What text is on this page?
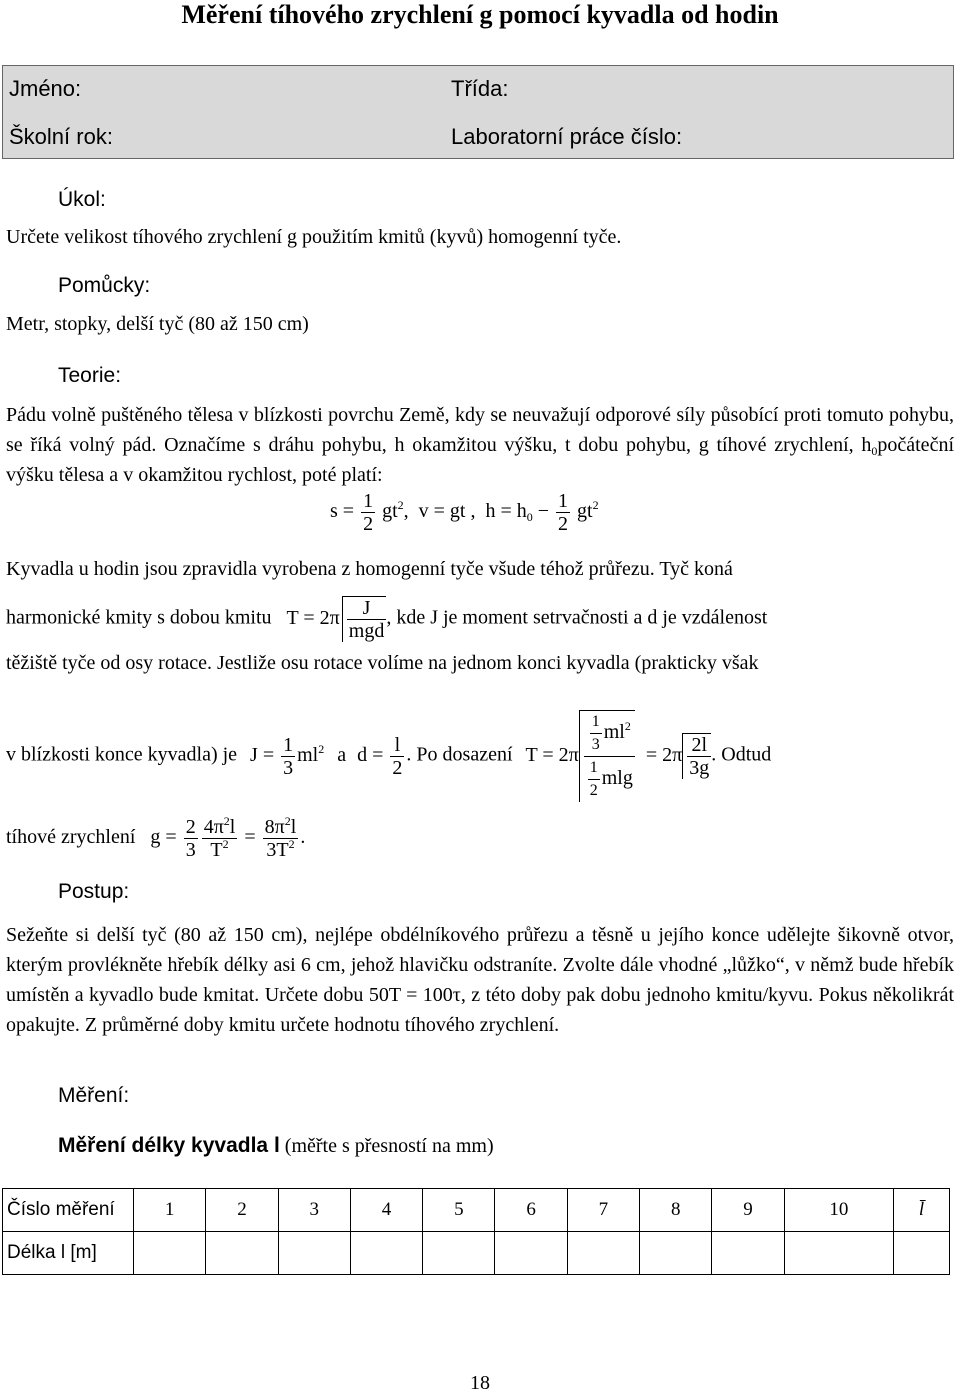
Měření tíhového zrychlení g pomocí kyvadla od hodin
Jméno:	Třída:
Školní rok:	Laboratorní práce číslo:
Úkol:
Určete velikost tíhového zrychlení g použitím kmitů (kyvů) homogenní tyče.
Pomůcky:
Metr, stopky, delší tyč (80 až 150 cm)
Teorie:
Pádu volně puštěného tělesa v blízkosti povrchu Země, kdy se neuvažují odporové síly působící proti tomuto pohybu, se říká volný pád. Označíme s dráhu pohybu, h okamžitou výšku, t dobu pohybu, g tíhové zrychlení, $h_0počáteční$ výšku tělesa a v okamžitou rychlost, poté platí:
$s = \frac{1}{2} gt^2$,  v = gt ,  $h = h_0 - \frac{1}{2} gt^2$
Kyvadla u hodin jsou zpravidla vyrobena z homogenní tyče všude téhož průřezu. Tyč koná
harmonické kmity s dobou kmitu $T = 2\pi \frac{J}{\text{mgd}}$ , kde J je moment setrvačnosti a d je vzdálenost
těžiště tyče od osy rotace. Jestliže osu rotace volíme na jednom konci kyvadla (prakticky však
v blízkosti konce kyvadla) je $J = \frac{1}{3} ml^2$ a $d = \frac{l}{2}$ . Po dosazení $T = 2\pi \frac{\frac{1}{3} ml^2}{\frac{1}{2} mlg} = 2\pi \frac{2l}{3g}$ . Odtud
tíhové zrychlení $g = \frac{2}{3} \frac{4\pi^2l}{T^2} = \frac{8\pi^2l}{3T^2}$ .
Postup:
Sežeňte si delší tyč (80 až 150 cm), nejlépe obdélníkového průřezu a těsně u jejího konce udělejte šikovně otvor, kterým provlékněte hřebík délky asi 6 cm, jehož hlavičku odstraníte. Zvolte dále vhodné „lůžko“, v němž bude hřebík umístěn a kyvadlo bude kmitat. Určete dobu 50T = 100τ, z této doby pak dobu jednoho kmitu/kyvu. Pokus několikrát opakujte. Z průměrné doby kmitu určete hodnotu tíhového zrychlení.
Měření:
Měření délky kyvadla l (měřte s přesností na mm)
Číslo měření	1	2	3	4	5	6	7	8	9	10	l̄
Délka l [m]											
18
